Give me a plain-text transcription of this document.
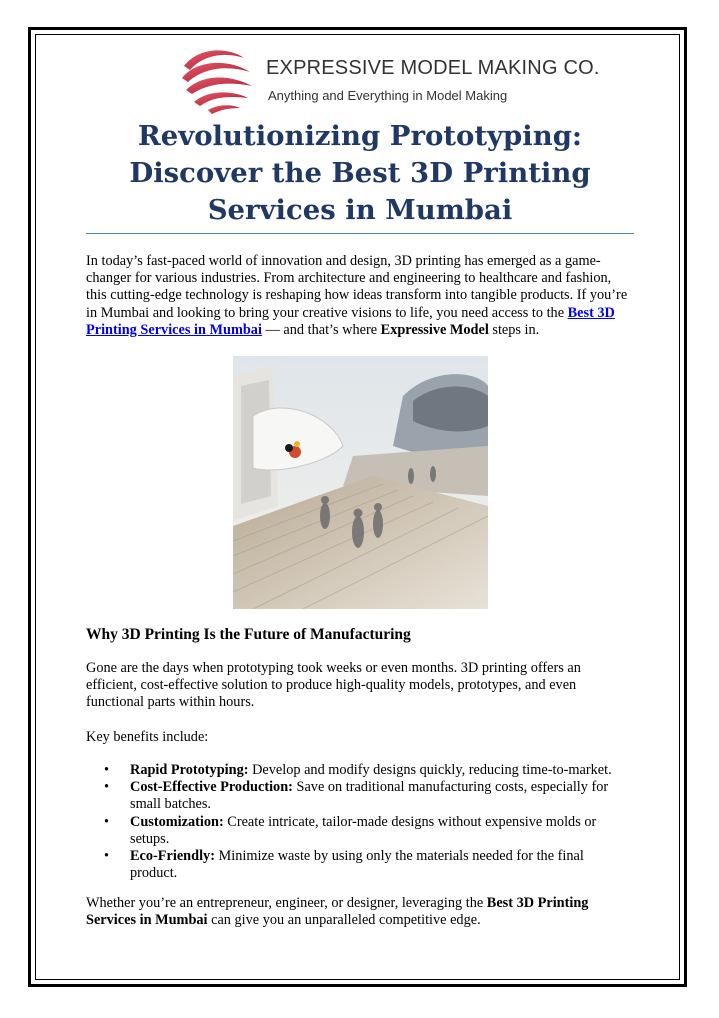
EXPRESSIVE MODEL MAKING CO.
Anything and Everything in Model Making
Revolutionizing Prototyping:
Discover the Best 3D Printing
Services in Mumbai
In today’s fast-paced world of innovation and design, 3D printing has emerged as a game-changer for various industries. From architecture and engineering to healthcare and fashion, this cutting-edge technology is reshaping how ideas transform into tangible products. If you’re in Mumbai and looking to bring your creative visions to life, you need access to the Best 3D Printing Services in Mumbai — and that’s where Expressive Model steps in.
Why 3D Printing Is the Future of Manufacturing
Gone are the days when prototyping took weeks or even months. 3D printing offers an efficient, cost-effective solution to produce high-quality models, prototypes, and even functional parts within hours.
Key benefits include:
• Rapid Prototyping: Develop and modify designs quickly, reducing time-to-market.
• Cost-Effective Production: Save on traditional manufacturing costs, especially for small batches.
• Customization: Create intricate, tailor-made designs without expensive molds or setups.
• Eco-Friendly: Minimize waste by using only the materials needed for the final product.
Whether you’re an entrepreneur, engineer, or designer, leveraging the Best 3D Printing Services in Mumbai can give you an unparalleled competitive edge.
